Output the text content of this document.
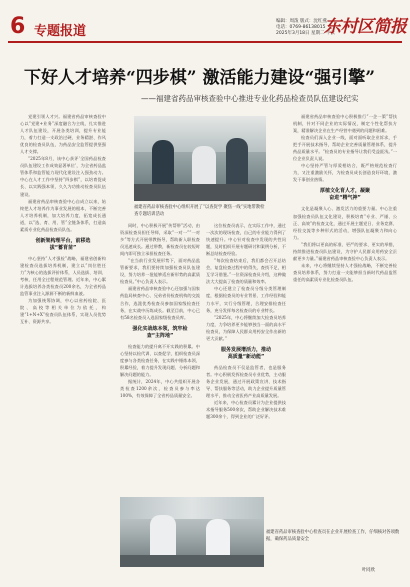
6 专题报道
编辑：周泼 版式：沈红燕
电话：0769-86138015
2025年3月18日 星期二 不云
东村区简报
下好人才培养“四步棋” 激活能力建设“强引擎”
——福建省药品审核查验中心推进专业化药品检查员队伍建设纪实

党建引领人才兴。福建省药品审核查验中心以“党建+业务”深度融合为主线，扎实推进人才队伍建设，开展各类培训，提升专业能力，着力打造一支政治过硬、业务精湛、作风优良的检查员队伍，为药品安全监管提供坚强人才支撑。

“2025年8月，该中心获评‘全国药品检查员队伍建设工作成效显著单位’，为全省药品监管体系和监管能力现代化建设注入强劲动力。中心在人才工作中坚持“四步棋”，以培育促成长、以实践强本领，久久为功推动检查员队伍建设。

福建省药品审核查验中心自成立以来，始终把人才培养作为事业发展的根本，不断完善人才培养机制，加大培养力度，拓宽成长通道，以“选、育、用、管”全链条体系，打造高素质专业化药品检查员队伍。

创新架构理平台，前移选
拔“蓄育苗”

中心坚持“人才强检”战略，福建省创新构建检查员选拔培养机制，建立以“岗位胜任力”为核心的选拔评价体系，人员选拔、培训、考核、任用全过程规范管理。近年来，中心累计选拔培养各类检查员200余名，为全省药品监管事业注入源源不断的新鲜血液。

为加强统筹协调，中心以省药检院、医院、高校等相关单位为依托，构建“1+N+X”检查员队伍体系，实现人员优势互补、资源共享。

福建省药品审核查验中心组织开展了“以查促学 聚焦一线”实地带教检查专题培训活动

同时，中心积极开展“传帮带”活动，由资深检查员担任导师，采取“一对一”“一对多”等方式开展带教指导，帮助新入职检查员迅速成长。通过带教，新检查员在较短时间内即可独立承担检查任务。

“在当前行业发展形势下，面对药品监管新要求，我们要持续加强检查员队伍建设，努力培养一批能够适应新形势的高素质检查员。”中心负责人表示。

福建省药品审核查验中心还加强与国家药监局核查中心、兄弟省份检查机构的交流合作，选派优秀检查员参加国家级检查任务，在实战中历练成长。截至目前，中心已有58名检查员入选国家级检查员库。

强化实战练本领，筑牢检
查“主阵地”

检查能力的提升离不开实践的积累。中心坚持以检代训、以查促学，组织检查员深度参与各类检查任务，在实践中锤炼本领、积累经验，着力提升发现问题、分析问题和解决问题的能力。

据统计，2024年，中心共组织开展各类检查1200余次，检查员参与率达100%，有效保障了全省药品质量安全。

这位检查员表示，在实际工作中，通过一次次的现场检查，自己的专业能力得到了快速提升。中心针对检查中发现的共性问题，及时组织开展专题研讨和案例分析，不断总结检查经验。

“每次检查结束后，我们都会召开总结会，复盘检查过程中的得失，查找不足，相互学习借鉴。”一位资深检查员介绍，这种做法大大提高了检查的质量和效率。

中心还建立了检查员分级分类管理制度，根据检查员的专业背景、工作经验和能力水平，实行分级管理，合理安排检查任务，充分发挥每名检查员的专业特长。

“2025年，中心将继续加大检查员培养力度，力争培养更多能够独当一面的高水平检查员，为保障人民群众用药安全作出新的更大贡献。”

服务发展增活力，推动
高质量“新动能”

药品检查员不仅是监管者，也是服务者。中心积极发挥检查员专业优势，主动服务企业发展，通过开展政策宣讲、技术指导、帮扶服务等活动，助力企业提升质量管理水平，推动全省医药产业高质量发展。

近年来，中心检查员累计为企业提供技术指导服务500余次，帮助企业解决技术难题300余个，得到企业的广泛好评。

福建省药品审核查验中心积极推行“一企一策”帮扶机制，针对不同企业的实际情况，制定个性化帮扶方案，精准解决企业在生产经营中遇到的问题和困难。

检查员们深入企业一线，面对面听取企业诉求，手把手开展技术指导，帮助企业完善质量管理体系，提升药品质量水平。“检查员的专业指导让我们受益匪浅。”一位企业负责人说。

中心坚持严管与厚爱相结合，既严格规范检查行为，又注重激励关怀，为检查员成长创造良好环境，激发干事创业热情。

厚植文化育人才，凝聚
奋进“精气神”

文化是凝聚人心、激发活力的重要力量。中心注重加强检查员队伍文化建设，积极培育“专业、严谨、公正、高效”的检查文化，通过开展主题党日、业务竞赛、经验交流等多种形式的活动，增强队伍凝聚力和向心力。

“我们将以更高的标准、更严的要求、更实的举措，持续推进检查员队伍建设，为守护人民群众用药安全贡献更多力量。”福建省药品审核查验中心负责人表示。

未来，中心将继续坚持人才强检战略，不断完善检查员培养体系，努力打造一支能够担当新时代药品监管重任的高素质专业化检查员队伍。

福建省药品审核查验中心检查员在企业开展检查工作，仔细核对各项数据，确保药品质量安全
叶同欣
